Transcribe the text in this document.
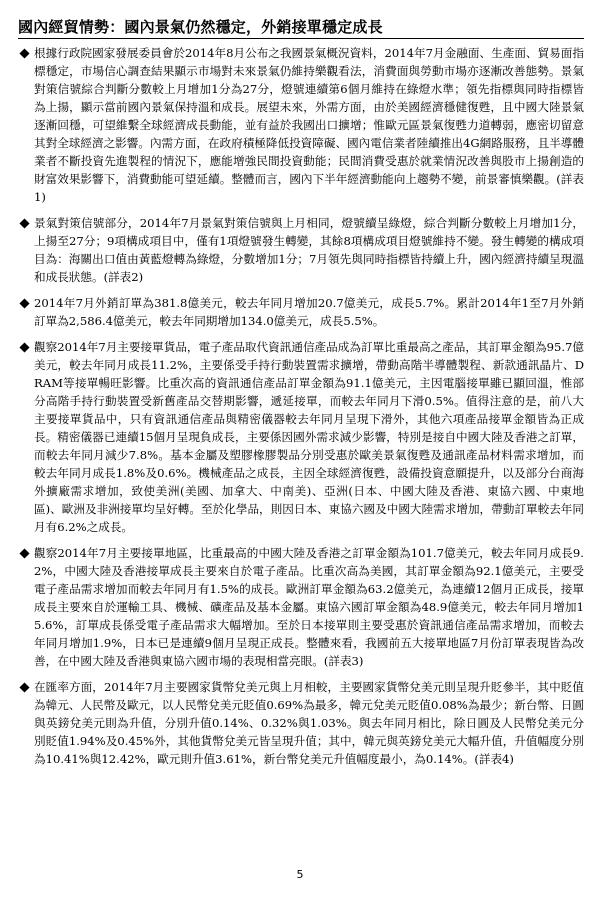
國內經貿情勢：國內景氣仍然穩定，外銷接單穩定成長

根據行政院國家發展委員會於2014年8月公布之我國景氣概況資料，2014年7月金融面、生產面、貿易面指標穩定，市場信心調查結果顯示市場對未來景氣仍維持樂觀看法，消費面與勞動市場亦逐漸改善態勢。景氣對策信號綜合判斷分數較上月增加1分為27分，燈號連續第6個月維持在綠燈水準；領先指標與同時指標皆為上揚，顯示當前國內景氣保持溫和成長。展望未來，外需方面，由於美國經濟穩健復甦，且中國大陸景氣逐漸回穩，可望維繫全球經濟成長動能，並有益於我國出口擴增；惟歐元區景氣復甦力道轉弱，應密切留意其對全球經濟之影響。內需方面，在政府積極降低投資障礙、國內電信業者陸續推出4G網路服務，且半導體業者不斷投資先進製程的情況下，應能增強民間投資動能；民間消費受惠於就業情況改善與股市上揚創造的財富效果影響下，消費動能可望延續。整體而言，國內下半年經濟動能向上趨勢不變，前景審慎樂觀。(詳表1)

景氣對策信號部分，2014年7月景氣對策信號與上月相同，燈號續呈綠燈，綜合判斷分數較上月增加1分，上揚至27分；9項構成項目中，僅有1項燈號發生轉變，其餘8項構成項目燈號維持不變。發生轉變的構成項目為：海關出口值由黃藍燈轉為綠燈，分數增加1分；7月領先與同時指標皆持續上升，國內經濟持續呈現溫和成長狀態。(詳表2)

2014年7月外銷訂單為381.8億美元，較去年同月增加20.7億美元，成長5.7%。累計2014年1至7月外銷訂單為2,586.4億美元，較去年同期增加134.0億美元，成長5.5%。

觀察2014年7月主要接單貨品，電子產品取代資訊通信產品成為訂單比重最高之產品，其訂單金額為95.7億美元，較去年同月成長11.2%，主要係受手持行動裝置需求擴增，帶動高階半導體製程、新款通訊晶片、DRAM等接單暢旺影響。比重次高的資訊通信產品訂單金額為91.1億美元，主因電腦接單雖已顯回溫，惟部分高階手持行動裝置受新舊產品交替期影響，遞延接單，而較去年同月下滑0.5%。值得注意的是，前八大主要接單貨品中，只有資訊通信產品與精密儀器較去年同月呈現下滑外，其他六項產品接單金額皆為正成長。精密儀器已連續15個月呈現負成長，主要係因國外需求減少影響，特別是接自中國大陸及香港之訂單，而較去年同月減少7.8%。基本金屬及塑膠橡膠製品分別受惠於歐美景氣復甦及通訊產品材料需求增加，而較去年同月成長1.8%及0.6%。機械產品之成長，主因全球經濟復甦，設備投資意願提升，以及部分台商海外擴廠需求增加，致使美洲(美國、加拿大、中南美)、亞洲(日本、中國大陸及香港、東協六國、中東地區)、歐洲及非洲接單均呈好轉。至於化學品，則因日本、東協六國及中國大陸需求增加，帶動訂單較去年同月有6.2%之成長。

觀察2014年7月主要接單地區，比重最高的中國大陸及香港之訂單金額為101.7億美元，較去年同月成長9.2%，中國大陸及香港接單成長主要來自於電子產品。比重次高為美國，其訂單金額為92.1億美元，主要受電子產品需求增加而較去年同月有1.5%的成長。歐洲訂單金額為63.2億美元，為連續12個月正成長，接單成長主要來自於運輸工具、機械、礦產品及基本金屬。東協六國訂單金額為48.9億美元，較去年同月增加15.6%，訂單成長係受電子產品需求大幅增加。至於日本接單則主要受惠於資訊通信產品需求增加，而較去年同月增加1.9%，日本已是連續9個月呈現正成長。整體來看，我國前五大接單地區7月份訂單表現皆為改善，在中國大陸及香港與東協六國市場的表現相當亮眼。(詳表3)

在匯率方面，2014年7月主要國家貨幣兌美元與上月相較，主要國家貨幣兌美元則呈現升貶參半，其中貶值為韓元、人民幣及歐元，以人民幣兌美元貶值0.69%為最多，韓元兌美元貶值0.08%為最少；新台幣、日圓與英鎊兌美元則為升值，分別升值0.14%、0.32%與1.03%。與去年同月相比，除日圓及人民幣兌美元分別貶值1.94%及0.45%外，其他貨幣兌美元皆呈現升值；其中，韓元與英鎊兌美元大幅升值，升值幅度分別為10.41%與12.42%，歐元則升值3.61%，新台幣兌美元升值幅度最小，為0.14%。(詳表4)

5
